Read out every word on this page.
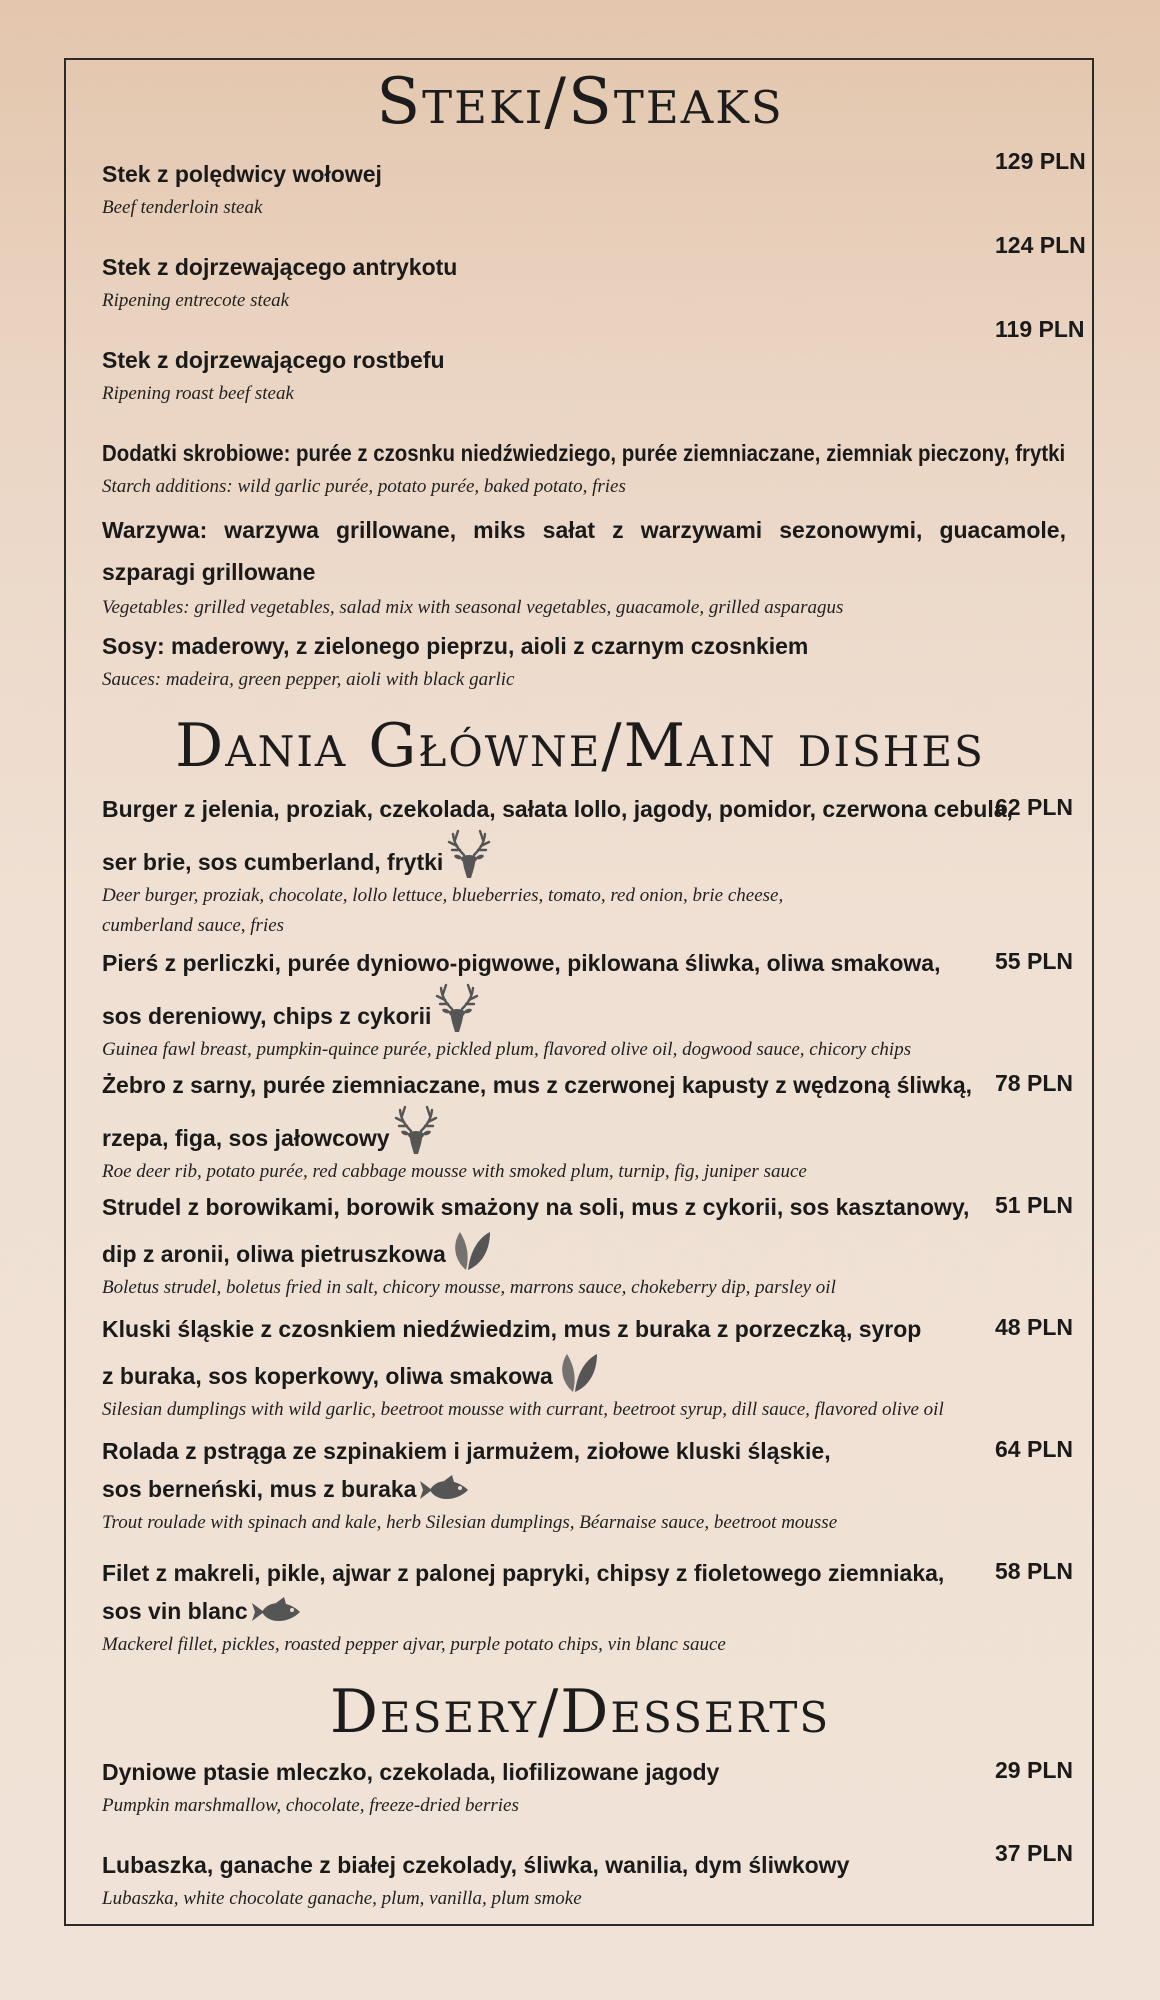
Steki/Steaks
Stek z polędwicy wołowej
Beef tenderloin steak
129 PLN
Stek z dojrzewającego antrykotu
Ripening entrecote steak
124 PLN
Stek z dojrzewającego rostbefu
Ripening roast beef steak
119 PLN
Dodatki skrobiowe: purée z czosnku niedźwiedziego, purée ziemniaczane, ziemniak pieczony, frytki
Starch additions: wild garlic purée, potato purée, baked potato, fries
Warzywa: warzywa grillowane, miks sałat z warzywami sezonowymi, guacamole, szparagi grillowane
Vegetables: grilled vegetables, salad mix with seasonal vegetables, guacamole, grilled asparagus
Sosy: maderowy, z zielonego pieprzu, aioli z czarnym czosnkiem
Sauces: madeira, green pepper, aioli with black garlic
Dania Główne/Main dishes
Burger z jelenia, proziak, czekolada, sałata lollo, jagody, pomidor, czerwona cebula,
ser brie, sos cumberland, frytki
Deer burger, proziak, chocolate, lollo lettuce, blueberries, tomato, red onion, brie cheese,
cumberland sauce, fries
62 PLN
Pierś z perliczki, purée dyniowo-pigwowe, piklowana śliwka, oliwa smakowa,
sos dereniowy, chips z cykorii
Guinea fawl breast, pumpkin-quince purée, pickled plum, flavored olive oil, dogwood sauce, chicory chips
55 PLN
Żebro z sarny, purée ziemniaczane, mus z czerwonej kapusty z wędzoną śliwką,
rzepa, figa, sos jałowcowy
Roe deer rib, potato purée, red cabbage mousse with smoked plum, turnip, fig, juniper sauce
78 PLN
Strudel z borowikami, borowik smażony na soli, mus z cykorii, sos kasztanowy,
dip z aronii, oliwa pietruszkowa
Boletus strudel, boletus fried in salt, chicory mousse, marrons sauce, chokeberry dip, parsley oil
51 PLN
Kluski śląskie z czosnkiem niedźwiedzim, mus z buraka z porzeczką, syrop
z buraka, sos koperkowy, oliwa smakowa
Silesian dumplings with wild garlic, beetroot mousse with currant, beetroot syrup, dill sauce, flavored olive oil
48 PLN
Rolada z pstrąga ze szpinakiem i jarmużem, ziołowe kluski śląskie,
sos berneński, mus z buraka
Trout roulade with spinach and kale, herb Silesian dumplings, Béarnaise sauce, beetroot mousse
64 PLN
Filet z makreli, pikle, ajwar z palonej papryki, chipsy z fioletowego ziemniaka,
sos vin blanc
Mackerel fillet, pickles, roasted pepper ajvar, purple potato chips, vin blanc sauce
58 PLN
Desery/Desserts
Dyniowe ptasie mleczko, czekolada, liofilizowane jagody
Pumpkin marshmallow, chocolate, freeze-dried berries
29 PLN
Lubaszka, ganache z białej czekolady, śliwka, wanilia, dym śliwkowy
Lubaszka, white chocolate ganache, plum, vanilla, plum smoke
37 PLN
